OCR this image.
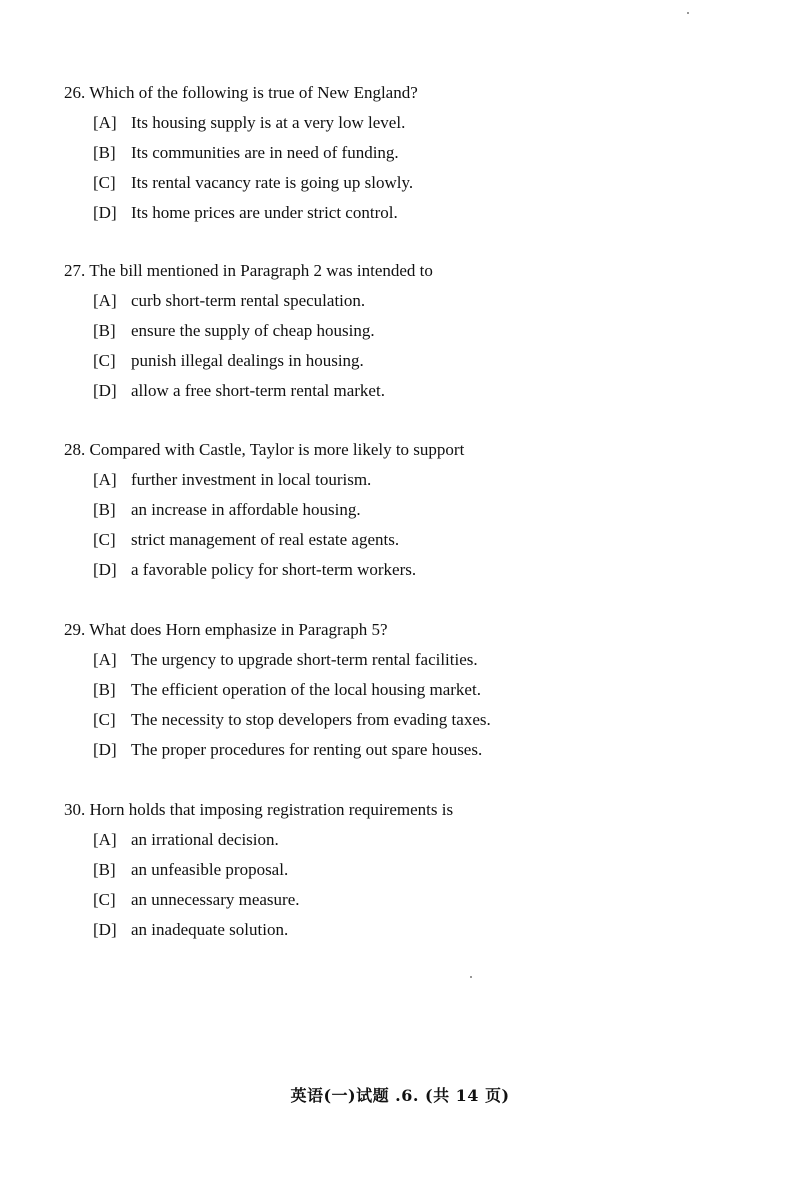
26. Which of the following is true of New England?
[A] Its housing supply is at a very low level.
[B] Its communities are in need of funding.
[C] Its rental vacancy rate is going up slowly.
[D] Its home prices are under strict control.
27. The bill mentioned in Paragraph 2 was intended to
[A] curb short-term rental speculation.
[B] ensure the supply of cheap housing.
[C] punish illegal dealings in housing.
[D] allow a free short-term rental market.
28. Compared with Castle, Taylor is more likely to support
[A] further investment in local tourism.
[B] an increase in affordable housing.
[C] strict management of real estate agents.
[D] a favorable policy for short-term workers.
29. What does Horn emphasize in Paragraph 5?
[A] The urgency to upgrade short-term rental facilities.
[B] The efficient operation of the local housing market.
[C] The necessity to stop developers from evading taxes.
[D] The proper procedures for renting out spare houses.
30. Horn holds that imposing registration requirements is
[A] an irrational decision.
[B] an unfeasible proposal.
[C] an unnecessary measure.
[D] an inadequate solution.
英语(一)试题 .6. (共 14 页)
